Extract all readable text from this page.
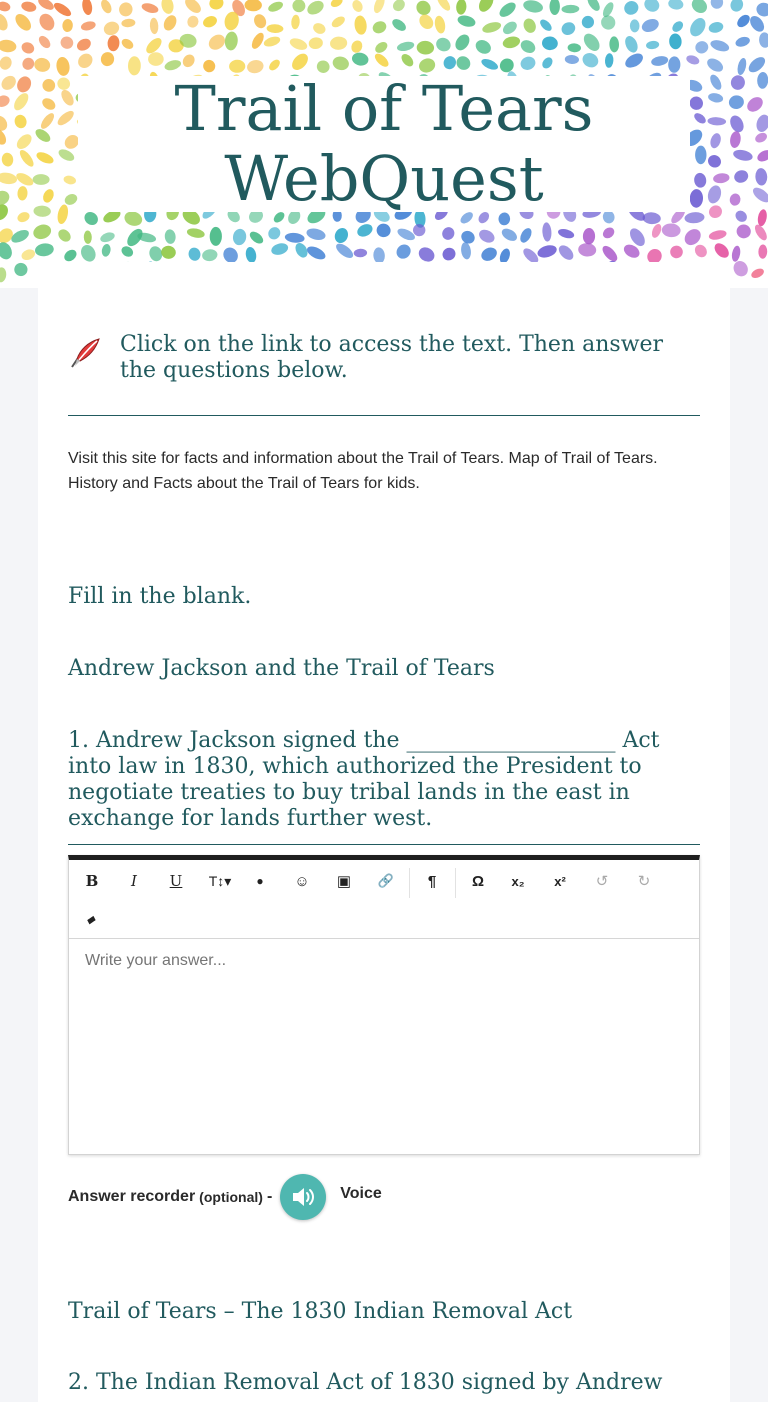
Trail of Tears
WebQuest

Click on the link to access the text. Then answer the questions below.

Visit this site for facts and information about the Trail of Tears. Map of Trail of Tears. History and Facts about the Trail of Tears for kids.

Fill in the blank.

Andrew Jackson and the Trail of Tears

1. Andrew Jackson signed the ___________________ Act into law in 1830, which authorized the President to negotiate treaties to buy tribal lands in the east in exchange for lands further west.

B	I	U	T↕▾	●	☺	▣	🔗	¶	Ω	x₂	x²	↺	↻
◆
Write your answer...
Answer recorder (optional) -	Voice

Trail of Tears – The 1830 Indian Removal Act

2. The Indian Removal Act of 1830 signed by Andrew
